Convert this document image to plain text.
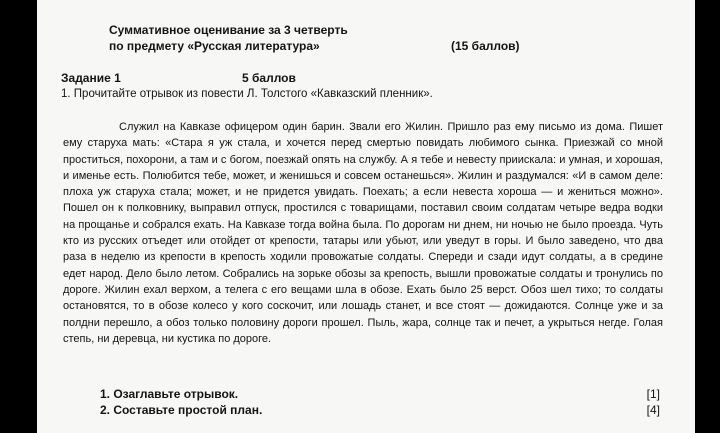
Суммативное оценивание за 3 четверть
по предмету «Русская литература»	(15 баллов)
Задание 1	5 баллов
1. Прочитайте отрывок из повести Л. Толстого «Кавказский пленник».

Служил на Кавказе офицером один барин. Звали его Жилин. Пришло раз ему письмо из дома. Пишет ему старуха мать: «Стара я уж стала, и хочется перед смертью повидать любимого сынка. Приезжай со мной проститься, похорони, а там и с богом, поезжай опять на службу. А я тебе и невесту приискала: и умная, и хорошая, и именье есть. Полюбится тебе, может, и женишься и совсем останешься». Жилин и раздумался: «И в самом деле: плоха уж старуха стала; может, и не придется увидать. Поехать; а если невеста хороша — и жениться можно». Пошел он к полковнику, выправил отпуск, простился с товарищами, поставил своим солдатам четыре ведра водки на прощанье и собрался ехать. На Кавказе тогда война была. По дорогам ни днем, ни ночью не было проезда. Чуть кто из русских отъедет или отойдет от крепости, татары или убьют, или уведут в горы. И было заведено, что два раза в неделю из крепости в крепость ходили провожатые солдаты. Спереди и сзади идут солдаты, а в средине едет народ. Дело было летом. Собрались на зорьке обозы за крепость, вышли провожатые солдаты и тронулись по дороге. Жилин ехал верхом, а телега с его вещами шла в обозе. Ехать было 25 верст. Обоз шел тихо; то солдаты остановятся, то в обозе колесо у кого соскочит, или лошадь станет, и все стоят — дожидаются. Солнце уже и за полдни перешло, а обоз только половину дороги прошел. Пыль, жара, солнце так и печет, а укрыться негде. Голая степь, ни деревца, ни кустика по дороге.

1. Озаглавьте отрывок.	[1]
2. Составьте простой план.	[4]
